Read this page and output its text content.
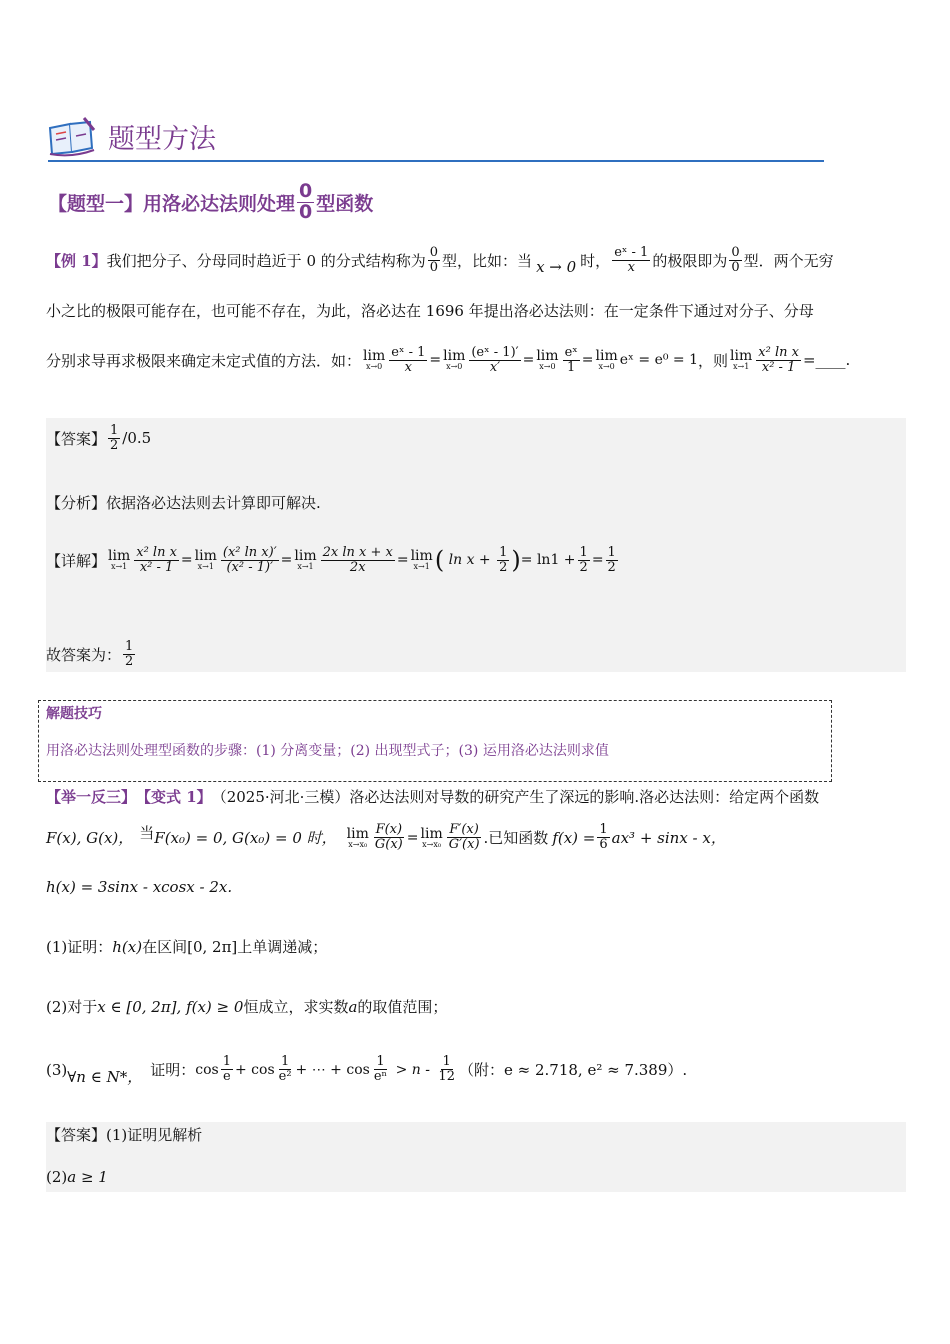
题型方法
【题型一】用洛必达法则处理 $\frac{0}{0}$ 型函数
【例 1】 我们把分子、分母同时趋近于 0 的分式结构称为 $\frac{0}{0}$ 型，比如：当 x → 0 时， $\frac{\text{eˣ - 1}}{x}$ 的极限即为 $\frac{0}{0}$ 型．两个无穷
小之比的极限可能存在，也可能不存在，为此，洛必达在 1696 年提出洛必达法则：在一定条件下通过对分子、分母
分别求导再求极限来确定未定式值的方法．如： lim
$x\to 0 \frac{\text{eˣ - 1}}{x} = \lim$
$x\to 0 \frac{\text{(eˣ - 1)′}}{x'} = \lim$
$x\to 0 \frac{\text{eˣ}}{1} = \lim$
x→0 eˣ = e⁰ = 1 ，则 lim
$x\to 1 \frac{\text{x² ln x}}{\text{x² - 1}}$ =____.
【答案】 $\frac{1}{2} /0.5$
【分析】 依据洛必达法则去计算即可解决.
【详解】 lim
$x\to 1 \frac{\text{x² ln x}}{\text{x² - 1}} = \lim$
$x\to 1 \frac{\text{(x² ln x)′}}{\text{(x² - 1)′}} = \lim$
$x\to 1 \frac{\text{2x ln x + x}}{2x} = \lim$
x→1 ( $\ln x + \frac{1}{2}$ ) = $\ln 1 + \frac{1}{2} = \frac{1}{2}$
故答案为： $\frac{1}{2}$
解题技巧
用洛必达法则处理型函数的步骤：(1) 分离变量；(2) 出现型式子；(3) 运用洛必达法则求值
【举一反三】 【变式 1】 （2025·河北·三模） 洛必达法则对导数的研究产生了深远的影响.洛必达法则：给定两个函数
F(x), G(x)， 当 F(x₀) = 0, G(x₀) = 0 时， lim
$x\to x_0 \frac{F(x)}{G(x)} = \lim$
$x\to x_0 \frac{F'(x)}{G'(x)}$ .已知函数 $f(x) = \frac{1}{6} ax^3 + \sin x - x$，
h(x) = 3sinx - xcosx - 2x.
(1)证明： h(x) 在区间 [0, 2π] 上单调递减；
(2)对于 x ∈ [0, 2π], f(x) ≥ 0 恒成立，求实数 a 的取值范围；
(3) ∀n ∈ N*， 证明： $\cos \frac{1}{e} + \cos \frac{1}{\text{e²}}$ + ⋯ + $\cos \frac{1}{\text{eⁿ}} > n - \frac{1}{12}$ （附： e ≈ 2.718, e² ≈ 7.389 ）.
【答案】 (1)证明见解析
(2) a ≥ 1
